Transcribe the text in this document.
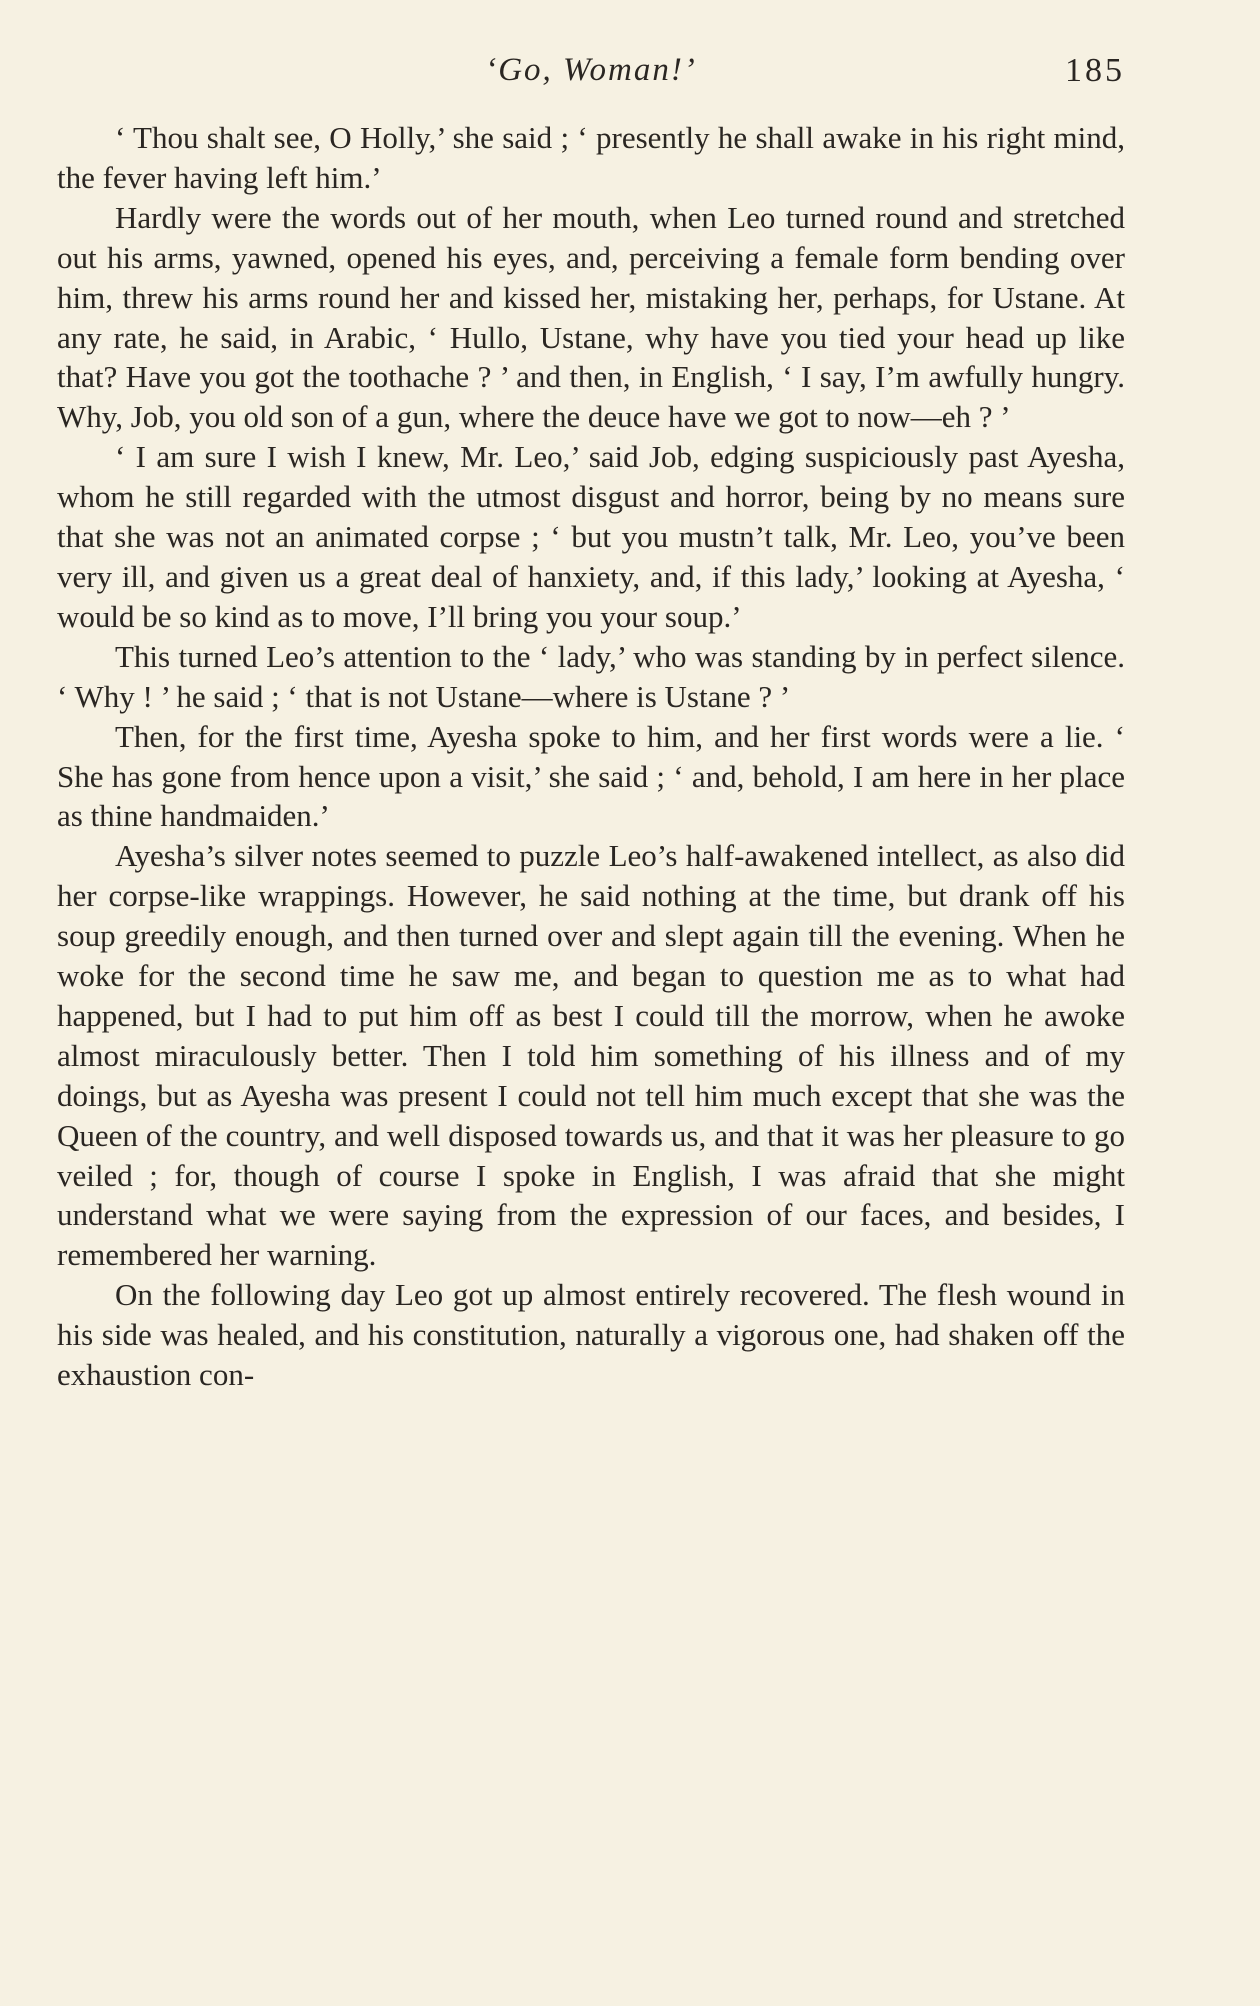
‘Go, Woman!’	185

‘ Thou shalt see, O Holly,’ she said ; ‘ presently he shall awake in his right mind, the fever having left him.’

Hardly were the words out of her mouth, when Leo turned round and stretched out his arms, yawned, opened his eyes, and, perceiving a female form bending over him, threw his arms round her and kissed her, mistaking her, perhaps, for Ustane. At any rate, he said, in Arabic, ‘ Hullo, Ustane, why have you tied your head up like that? Have you got the toothache ? ’ and then, in English, ‘ I say, I’m awfully hungry. Why, Job, you old son of a gun, where the deuce have we got to now—eh ? ’

‘ I am sure I wish I knew, Mr. Leo,’ said Job, edging suspiciously past Ayesha, whom he still regarded with the utmost disgust and horror, being by no means sure that she was not an animated corpse ; ‘ but you mustn’t talk, Mr. Leo, you’ve been very ill, and given us a great deal of hanxiety, and, if this lady,’ looking at Ayesha, ‘ would be so kind as to move, I’ll bring you your soup.’

This turned Leo’s attention to the ‘ lady,’ who was standing by in perfect silence. ‘ Why ! ’ he said ; ‘ that is not Ustane—where is Ustane ? ’

Then, for the first time, Ayesha spoke to him, and her first words were a lie. ‘ She has gone from hence upon a visit,’ she said ; ‘ and, behold, I am here in her place as thine handmaiden.’

Ayesha’s silver notes seemed to puzzle Leo’s half-awakened intellect, as also did her corpse-like wrappings. However, he said nothing at the time, but drank off his soup greedily enough, and then turned over and slept again till the evening. When he woke for the second time he saw me, and began to question me as to what had happened, but I had to put him off as best I could till the morrow, when he awoke almost miraculously better. Then I told him something of his illness and of my doings, but as Ayesha was present I could not tell him much except that she was the Queen of the country, and well disposed towards us, and that it was her pleasure to go veiled ; for, though of course I spoke in English, I was afraid that she might understand what we were saying from the expression of our faces, and besides, I remembered her warning.

On the following day Leo got up almost entirely recovered. The flesh wound in his side was healed, and his constitution, naturally a vigorous one, had shaken off the exhaustion con-
